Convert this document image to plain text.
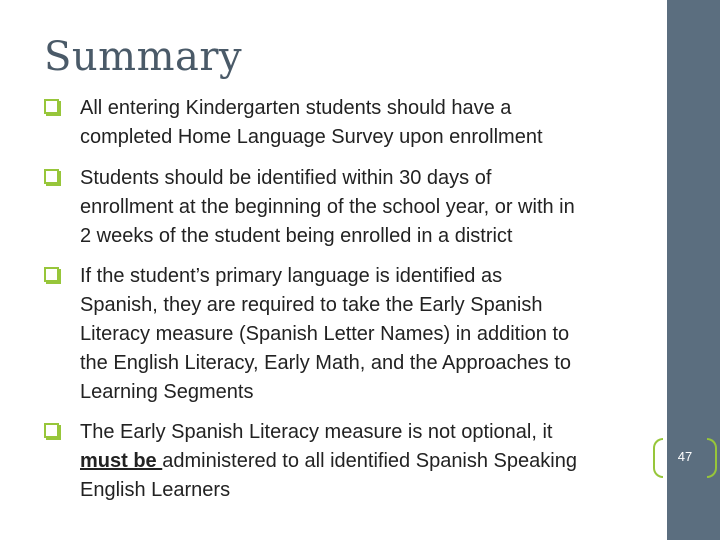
Summary
All entering Kindergarten students should have a
completed Home Language Survey upon enrollment
Students should be identified within 30 days of
enrollment at the beginning of the school year, or with in
2 weeks of the student being enrolled in a district
If the student’s primary language is identified as
Spanish, they are required to take the Early Spanish
Literacy measure (Spanish Letter Names) in addition to
the English Literacy, Early Math, and the Approaches to
Learning Segments
The Early Spanish Literacy measure is not optional, it
must be administered to all identified Spanish Speaking
English Learners
47
